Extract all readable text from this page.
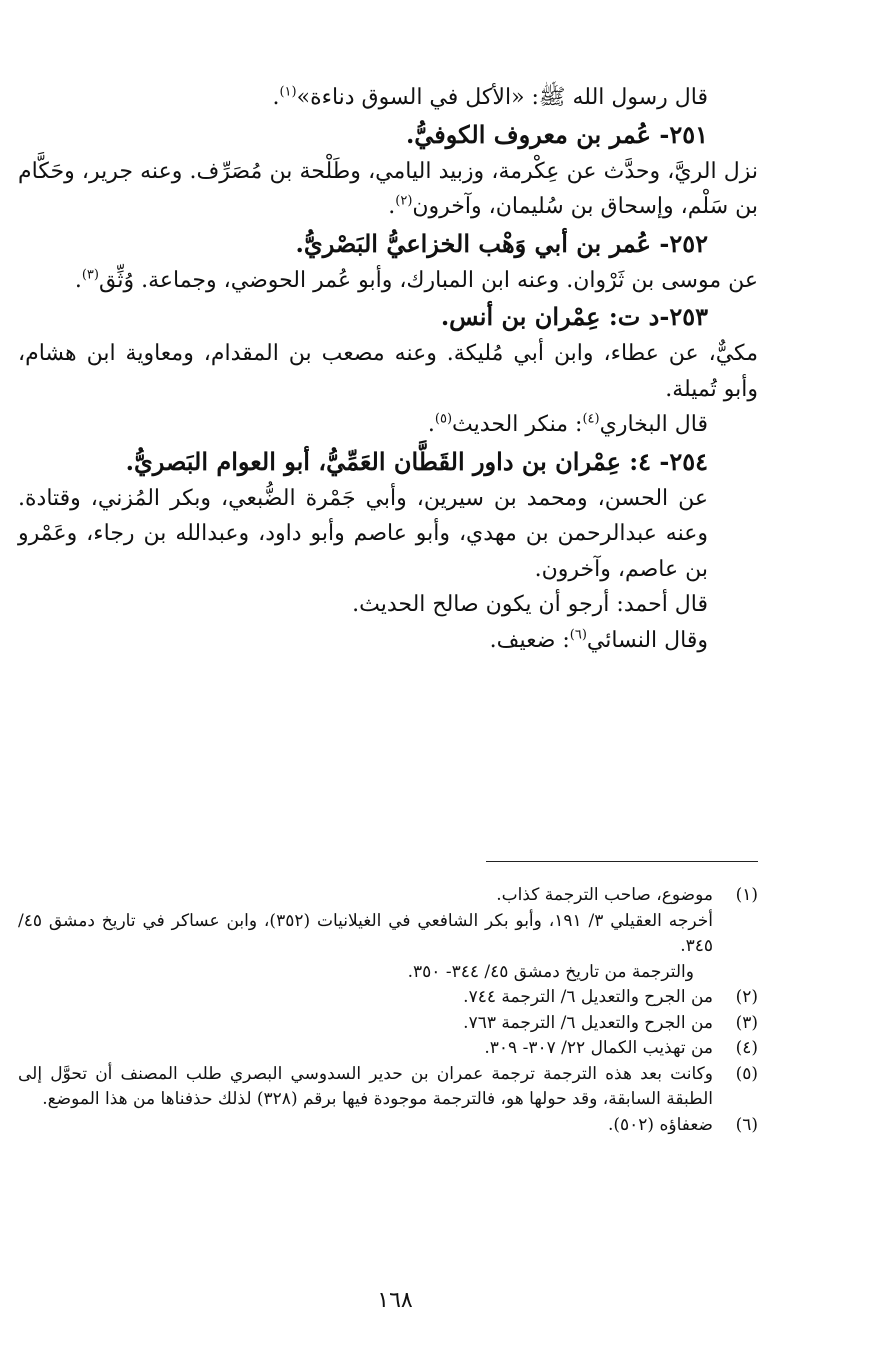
قال رسول الله ﷺ: «الأكل في السوق دناءة»$^{(١)}$.

٢٥١- عُمر بن معروف الكوفيُّ.

نزل الريَّ، وحدَّث عن عِكْرمة، وزبيد اليامي، وطَلْحة بن مُصَرِّف. وعنه جرير، وحَكَّام بن سَلْم، وإسحاق بن سُليمان، وآخرون$^{(٢)}$.

٢٥٢- عُمر بن أبي وَهْب الخزاعيُّ البَصْريُّ.

عن موسى بن ثَرْوان. وعنه ابن المبارك، وأبو عُمر الحوضي، وجماعة. وُثِّق$^{(٣)}$.

٢٥٣-د ت: عِمْران بن أنس.

مكيٌّ، عن عطاء، وابن أبي مُليكة. وعنه مصعب بن المقدام، ومعاوية ابن هشام، وأبو تُميلة.

قال البخاري$^{(٤)}$: منكر الحديث$^{(٥)}$.

٢٥٤- ٤: عِمْران بن داور القَطَّان العَمِّيُّ، أبو العوام البَصريُّ.

عن الحسن، ومحمد بن سيرين، وأبي جَمْرة الضُّبعي، وبكر المُزني، وقتادة. وعنه عبدالرحمن بن مهدي، وأبو عاصم وأبو داود، وعبدالله بن رجاء، وعَمْرو بن عاصم، وآخرون.

قال أحمد: أرجو أن يكون صالح الحديث.

وقال النسائي$^{(٦)}$: ضعيف.

(١)
موضوع، صاحب الترجمة كذاب.
أخرجه العقيلي ٣/ ١٩١، وأبو بكر الشافعي في الغيلانيات (٣٥٢)، وابن عساكر في تاريخ دمشق ٤٥/ ٣٤٥.
والترجمة من تاريخ دمشق ٤٥/ ٣٤٤- ٣٥٠.
(٢)
من الجرح والتعديل ٦/ الترجمة ٧٤٤.
(٣)
من الجرح والتعديل ٦/ الترجمة ٧٦٣.
(٤)
من تهذيب الكمال ٢٢/ ٣٠٧- ٣٠٩.
(٥)
وكانت بعد هذه الترجمة ترجمة عمران بن حدير السدوسي البصري طلب المصنف أن تحوَّل إلى الطبقة السابقة، وقد حولها هو، فالترجمة موجودة فيها برقم (٣٢٨) لذلك حذفناها من هذا الموضع.
(٦)
ضعفاؤه (٥٠٢).
١٦٨
